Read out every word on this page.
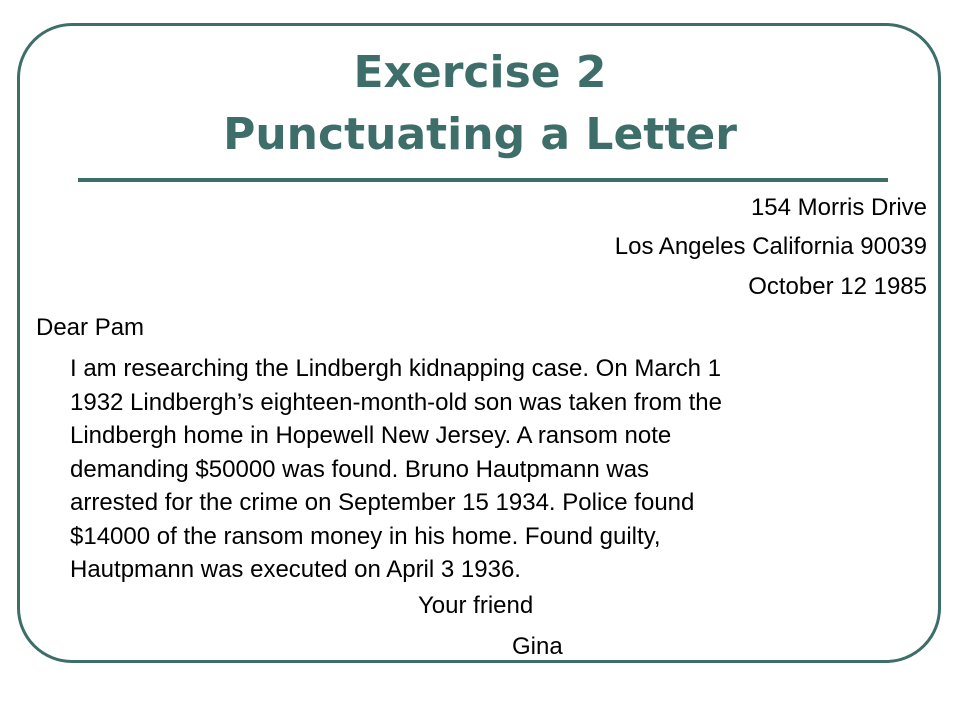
Exercise 2
Punctuating a Letter

154 Morris Drive

Los Angeles California 90039

October 12 1985

Dear Pam

I am researching the Lindbergh kidnapping case. On March 1
1932 Lindbergh’s eighteen-month-old son was taken from the
Lindbergh home in Hopewell New Jersey. A ransom note
demanding $50000 was found. Bruno Hautpmann was
arrested for the crime on September 15 1934. Police found
$14000 of the ransom money in his home. Found guilty,
Hautpmann was executed on April 3 1936.

Your friend

Gina
